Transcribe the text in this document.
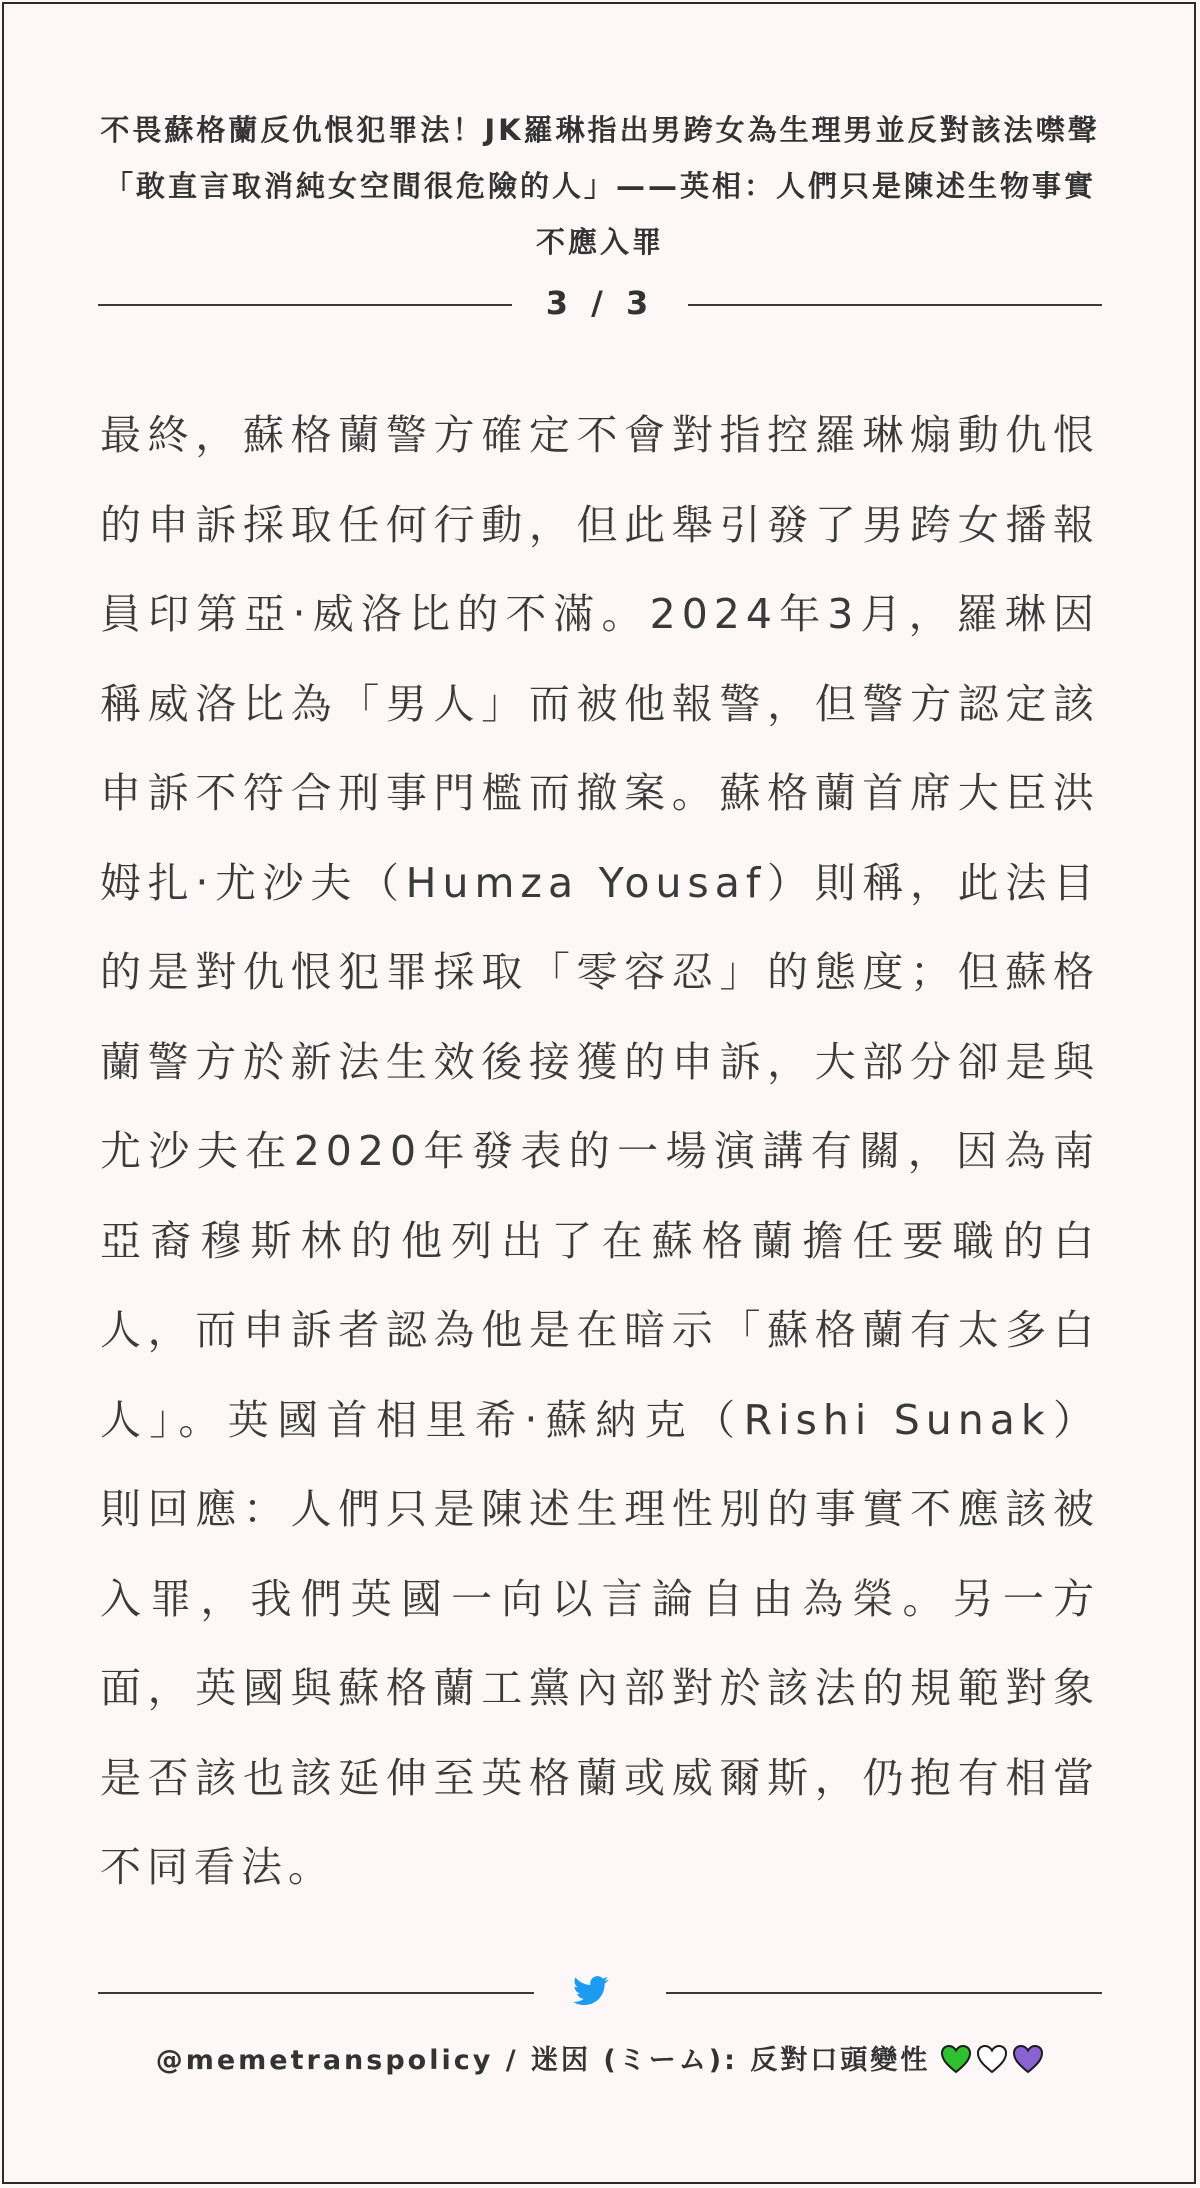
不畏蘇格蘭反仇恨犯罪法！JK羅琳指出男跨女為生理男並反對該法噤聲「敢直言取消純女空間很危險的人」——英相：人們只是陳述生物事實不應入罪
3 / 3

最終，蘇格蘭警方確定不會對指控羅琳煽動仇恨的申訴採取任何行動，但此舉引發了男跨女播報員印第亞‧威洛比的不滿。2024年3月，羅琳因稱威洛比為「男人」而被他報警，但警方認定該申訴不符合刑事門檻而撤案。蘇格蘭首席大臣洪姆扎‧尤沙夫（Humza Yousaf）則稱，此法目的是對仇恨犯罪採取「零容忍」的態度；但蘇格蘭警方於新法生效後接獲的申訴，大部分卻是與尤沙夫在2020年發表的一場演講有關，因為南亞裔穆斯林的他列出了在蘇格蘭擔任要職的白人，而申訴者認為他是在暗示「蘇格蘭有太多白人」。英國首相里希‧蘇納克（Rishi Sunak）則回應：人們只是陳述生理性別的事實不應該被入罪，我們英國一向以言論自由為榮。另一方面，英國與蘇格蘭工黨內部對於該法的規範對象是否該也該延伸至英格蘭或威爾斯，仍抱有相當不同看法。

@memetranspolicy / 迷因 (ミーム): 反對口頭變性
